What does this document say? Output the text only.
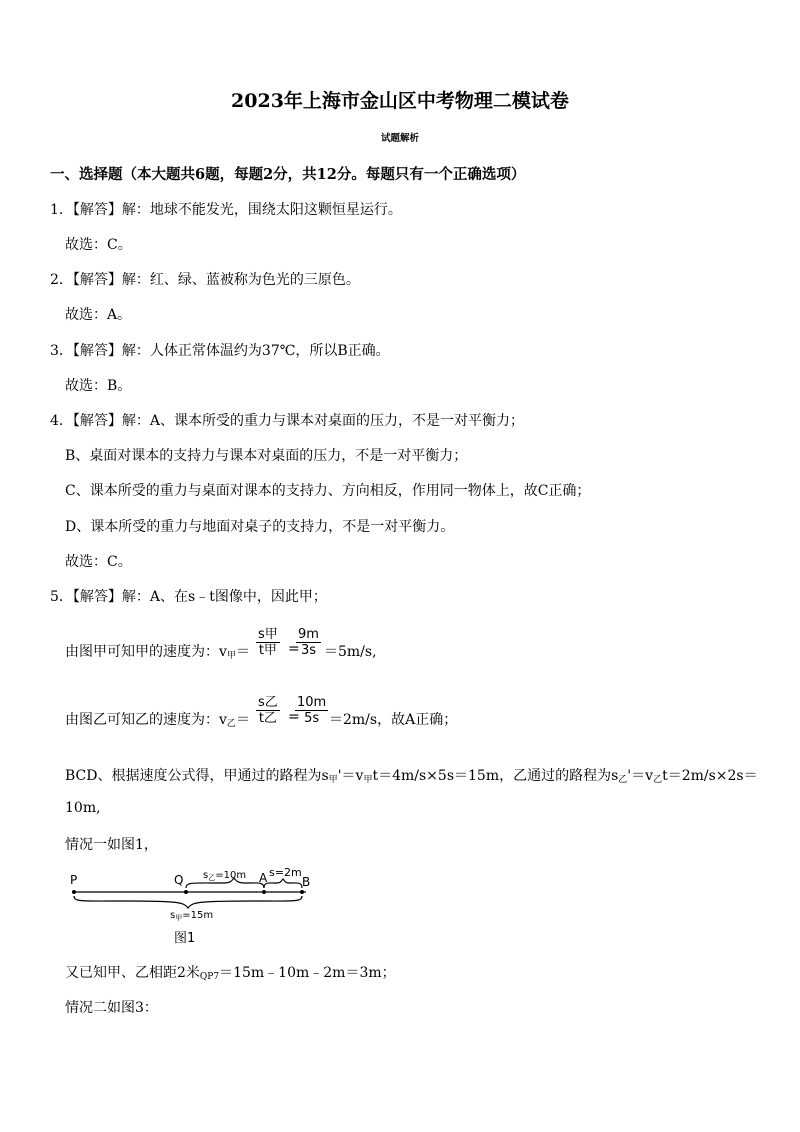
2023年上海市金山区中考物理二模试卷
试题解析
一、选择题（本大题共6题，每题2分，共12分。每题只有一个正确选项）
1．【解答】解：地球不能发光，围绕太阳这颗恒星运行。
故选：C。
2．【解答】解：红、绿、蓝被称为色光的三原色。
故选：A。
3．【解答】解：人体正常体温约为37℃，所以B正确。
故选：B。
4．【解答】解：A、课本所受的重力与课本对桌面的压力，不是一对平衡力；
B、桌面对课本的支持力与课本对桌面的压力，不是一对平衡力；
C、课本所受的重力与桌面对课本的支持力、方向相反，作用同一物体上，故C正确；
D、课本所受的重力与地面对桌子的支持力，不是一对平衡力。
故选：C。
5．【解答】解：A、在s﹣t图像中，因此甲；
由图甲可知甲的速度为：$v_甲=$
s甲
t甲 =
$\frac{9m}{3s} =5m/s$,
由图乙可知乙的速度为：$v_乙=$
s乙
t乙 =
$\frac{10m}{5s} =2m/s$，故A正确；
BCD、根据速度公式得，甲通过的路程为$s_甲'=v_甲t=4m/s\times 5s=15m$，乙通过的路程为$s_乙'=v_乙t=2m/s\times 2s=$
10m,
情况一如图1，
P	Q	A	B
$s_乙=10m$ s=2m
$s_甲=15m$
图1
又已知甲、乙相距2米$_{QP7}$＝15m﹣10m﹣2m＝3m；
情况二如图3：
